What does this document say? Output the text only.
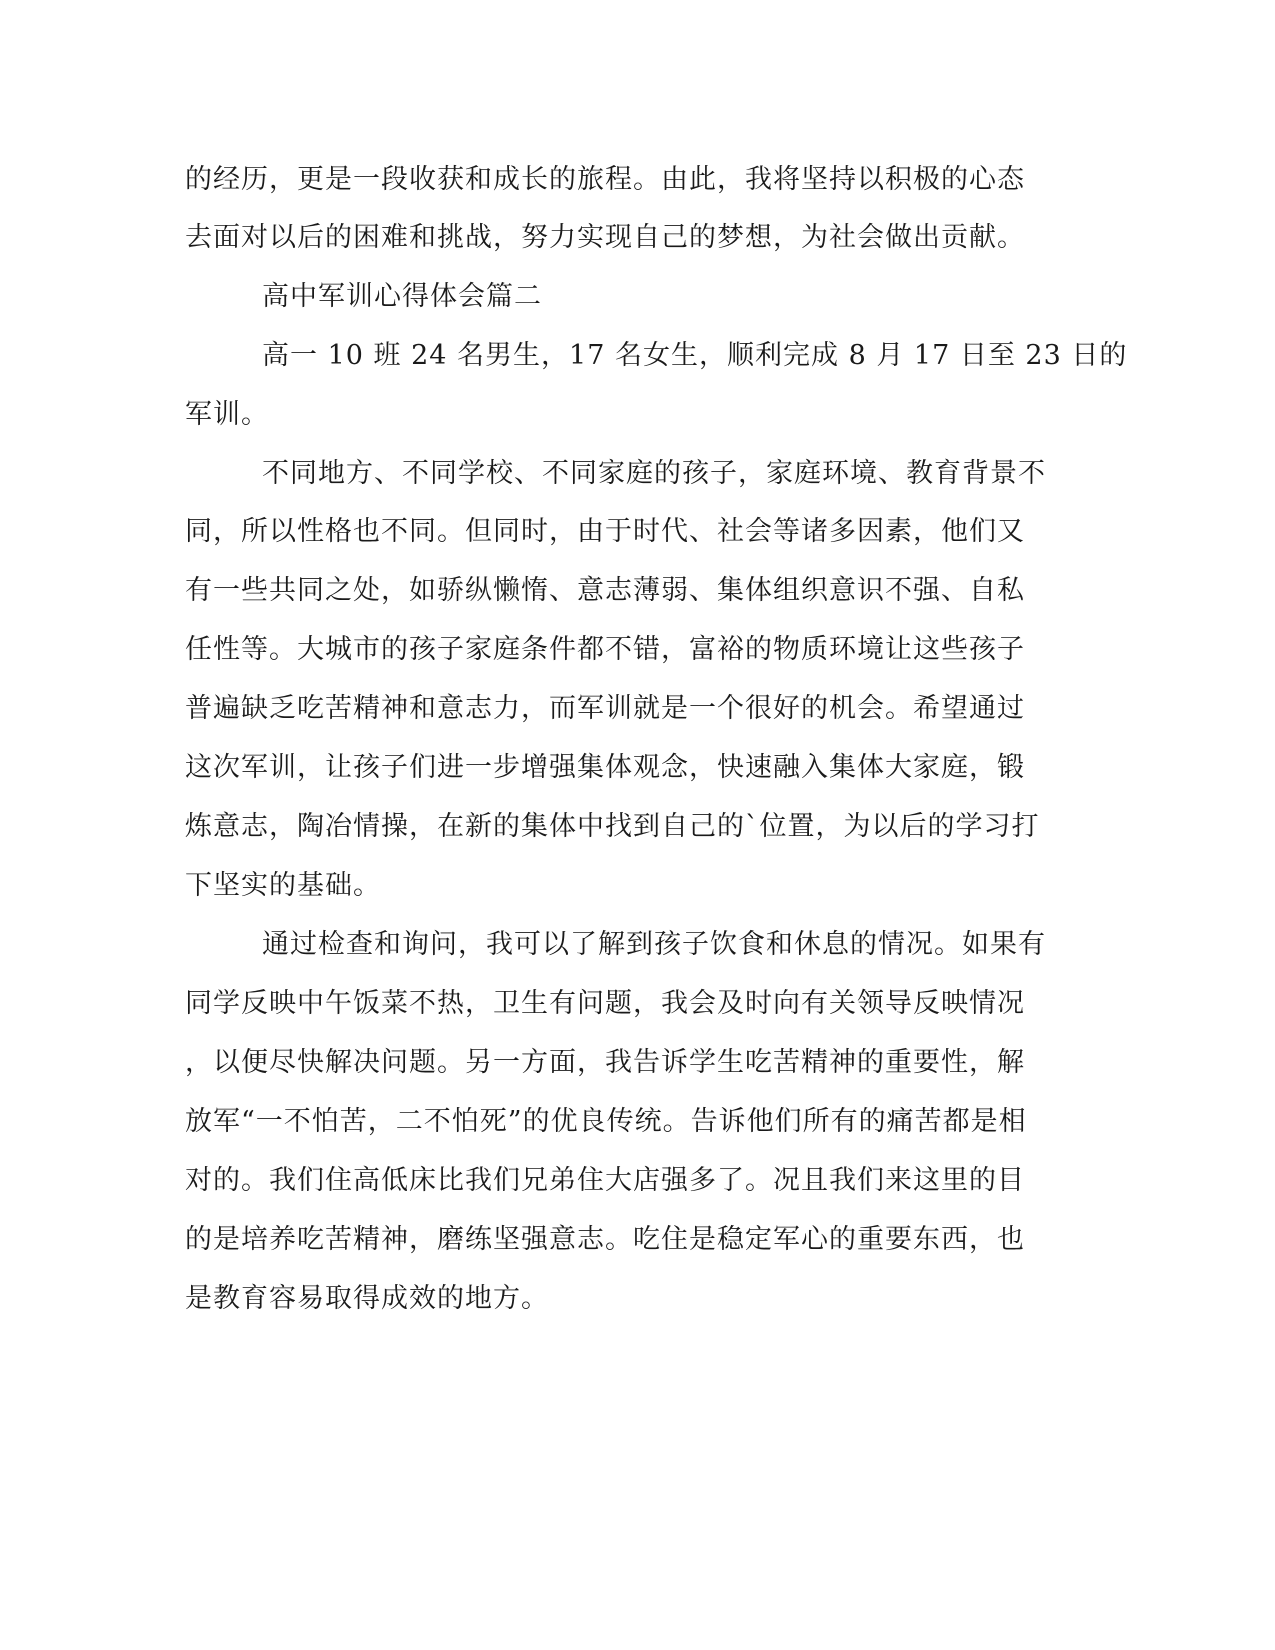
的经历，更是一段收获和成长的旅程。由此，我将坚持以积极的心态
去面对以后的困难和挑战，努力实现自己的梦想，为社会做出贡献。
高中军训心得体会篇二
高一 10 班 24 名男生，17 名女生，顺利完成 8 月 17 日至 23 日的
军训。
不同地方、不同学校、不同家庭的孩子，家庭环境、教育背景不
同，所以性格也不同。但同时，由于时代、社会等诸多因素，他们又
有一些共同之处，如骄纵懒惰、意志薄弱、集体组织意识不强、自私
任性等。大城市的孩子家庭条件都不错，富裕的物质环境让这些孩子
普遍缺乏吃苦精神和意志力，而军训就是一个很好的机会。希望通过
这次军训，让孩子们进一步增强集体观念，快速融入集体大家庭，锻
炼意志，陶冶情操，在新的集体中找到自己的`位置，为以后的学习打
下坚实的基础。
通过检查和询问，我可以了解到孩子饮食和休息的情况。如果有
同学反映中午饭菜不热，卫生有问题，我会及时向有关领导反映情况
，以便尽快解决问题。另一方面，我告诉学生吃苦精神的重要性，解
放军“一不怕苦，二不怕死”的优良传统。告诉他们所有的痛苦都是相
对的。我们住高低床比我们兄弟住大店强多了。况且我们来这里的目
的是培养吃苦精神，磨练坚强意志。吃住是稳定军心的重要东西，也
是教育容易取得成效的地方。
